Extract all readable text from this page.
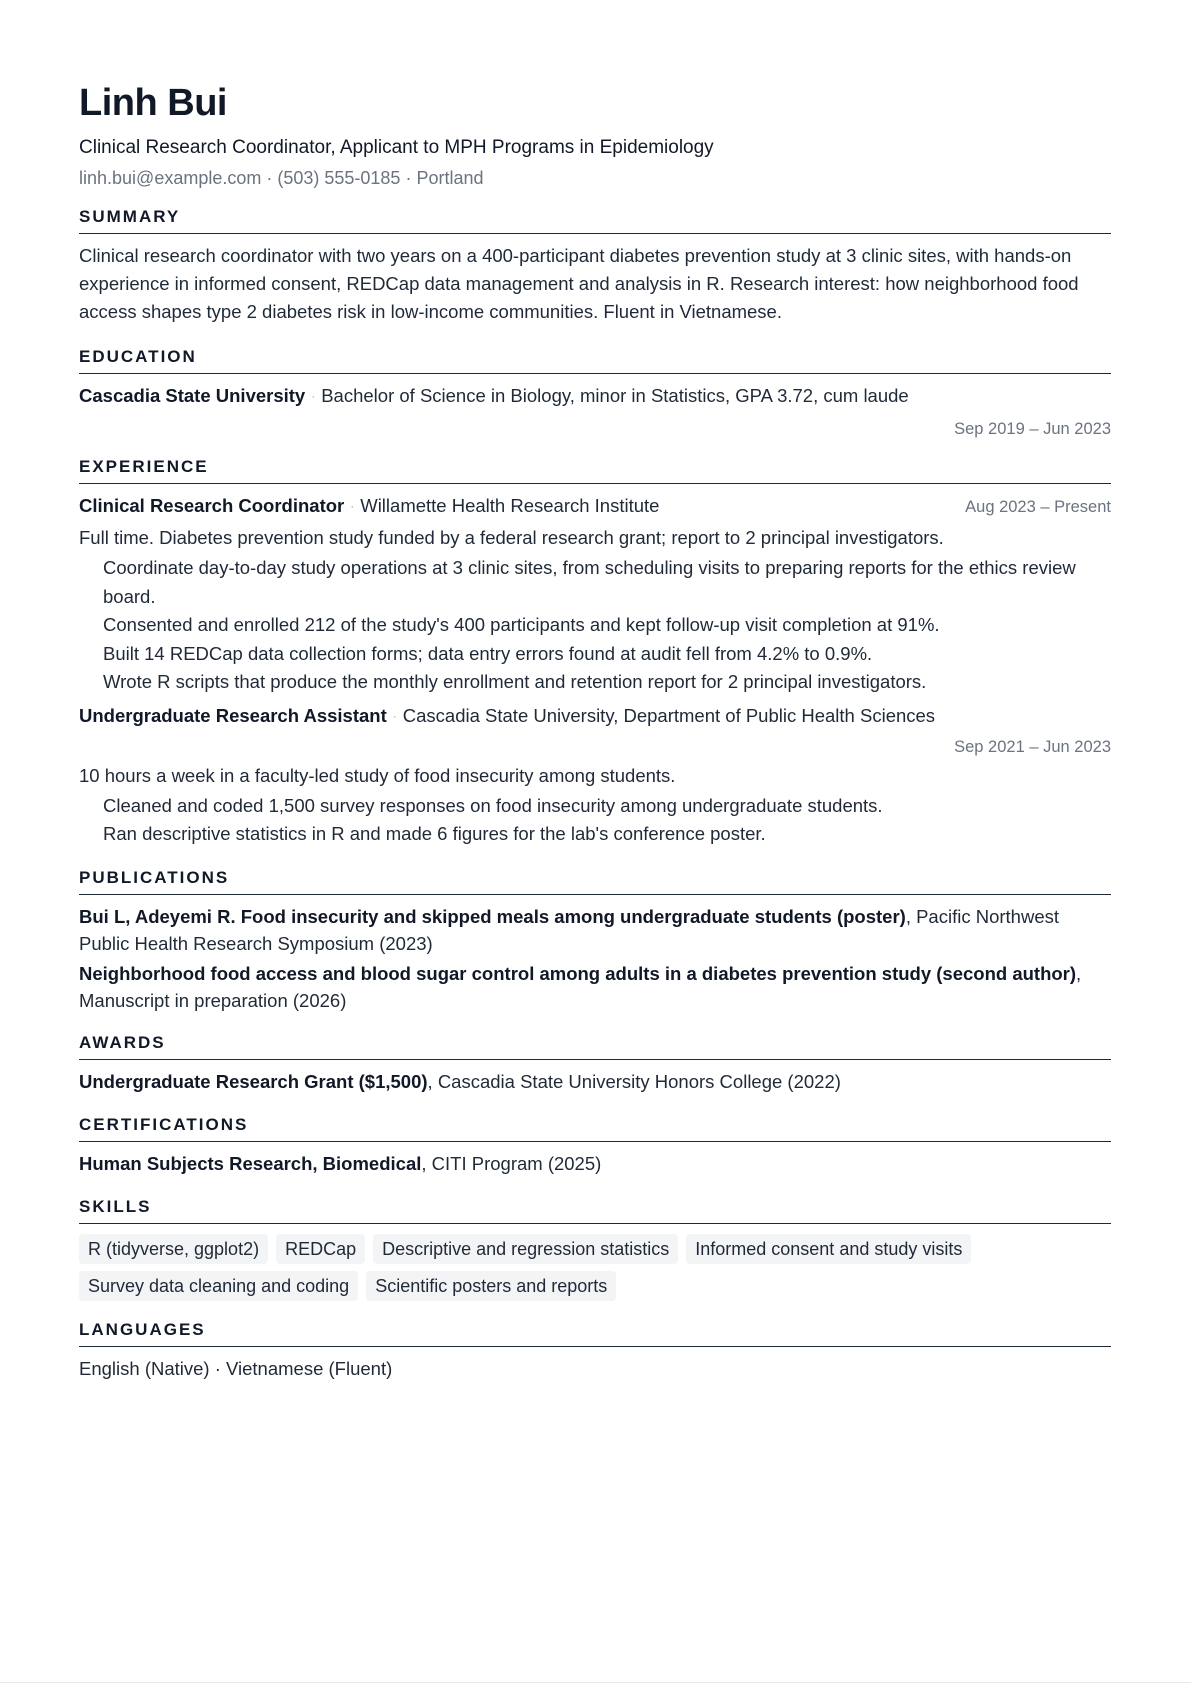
Linh Bui
Clinical Research Coordinator, Applicant to MPH Programs in Epidemiology
linh.bui@example.com · (503) 555-0185 · Portland
SUMMARY
Clinical research coordinator with two years on a 400-participant diabetes prevention study at 3 clinic sites, with hands-on experience in informed consent, REDCap data management and analysis in R. Research interest: how neighborhood food access shapes type 2 diabetes risk in low-income communities. Fluent in Vietnamese.
EDUCATION
Cascadia State University · Bachelor of Science in Biology, minor in Statistics, GPA 3.72, cum laude
Sep 2019 – Jun 2023
EXPERIENCE
Clinical Research Coordinator · Willamette Health Research Institute	Aug 2023 – Present
Full time. Diabetes prevention study funded by a federal research grant; report to 2 principal investigators.
Coordinate day-to-day study operations at 3 clinic sites, from scheduling visits to preparing reports for the ethics review board.
Consented and enrolled 212 of the study's 400 participants and kept follow-up visit completion at 91%.
Built 14 REDCap data collection forms; data entry errors found at audit fell from 4.2% to 0.9%.
Wrote R scripts that produce the monthly enrollment and retention report for 2 principal investigators.
Undergraduate Research Assistant · Cascadia State University, Department of Public Health Sciences
Sep 2021 – Jun 2023
10 hours a week in a faculty-led study of food insecurity among students.
Cleaned and coded 1,500 survey responses on food insecurity among undergraduate students.
Ran descriptive statistics in R and made 6 figures for the lab's conference poster.
PUBLICATIONS
Bui L, Adeyemi R. Food insecurity and skipped meals among undergraduate students (poster), Pacific Northwest Public Health Research Symposium (2023)
Neighborhood food access and blood sugar control among adults in a diabetes prevention study (second author), Manuscript in preparation (2026)
AWARDS
Undergraduate Research Grant ($1,500), Cascadia State University Honors College (2022)
CERTIFICATIONS
Human Subjects Research, Biomedical, CITI Program (2025)
SKILLS
R (tidyverse, ggplot2)	REDCap	Descriptive and regression statistics	Informed consent and study visits
Survey data cleaning and coding	Scientific posters and reports
LANGUAGES
English (Native) · Vietnamese (Fluent)
